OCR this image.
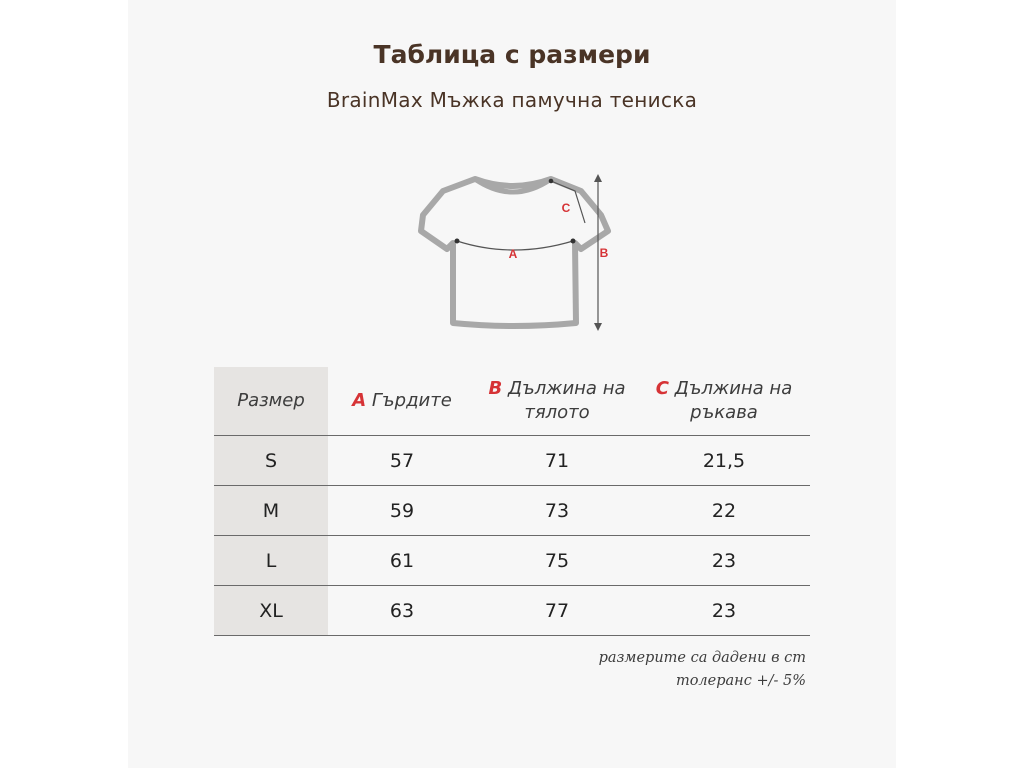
Таблица с размери
BrainMax Мъжка памучна тениска
A
C
B
Размер	A Гърдите	B Дължина на тялото	C Дължина на ръкава
S	57	71	21,5
M	59	73	22
L	61	75	23
XL	63	77	23
размерите са дадени в cm
толеранс +/- 5%
